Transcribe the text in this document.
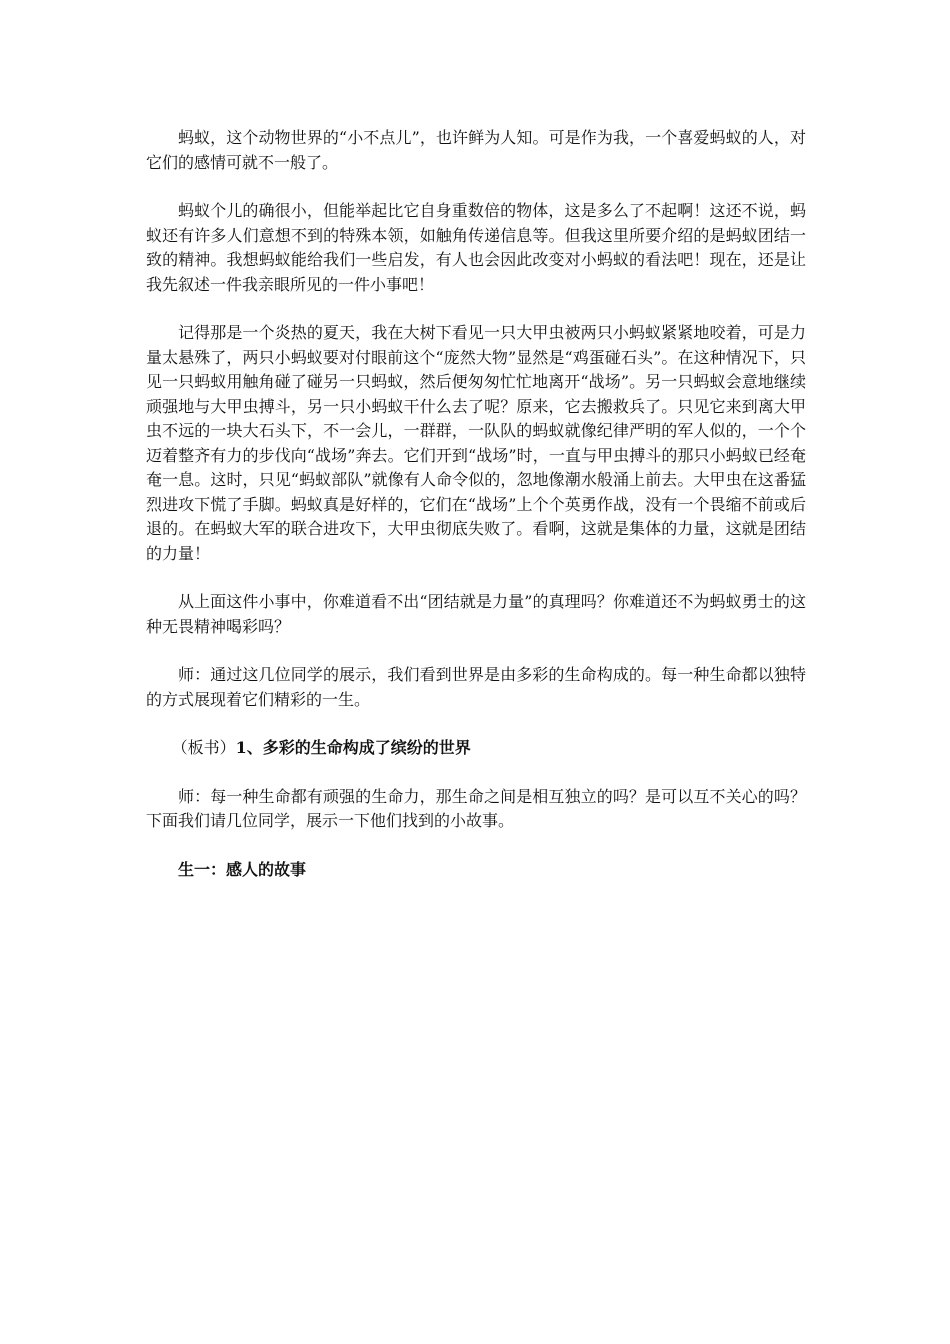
蚂蚁，这个动物世界的“小不点儿”，也许鲜为人知。可是作为我，一个喜爱蚂蚁的人，对它们的感情可就不一般了。

蚂蚁个儿的确很小，但能举起比它自身重数倍的物体，这是多么了不起啊！这还不说，蚂蚁还有许多人们意想不到的特殊本领，如触角传递信息等。但我这里所要介绍的是蚂蚁团结一致的精神。我想蚂蚁能给我们一些启发，有人也会因此改变对小蚂蚁的看法吧！现在，还是让我先叙述一件我亲眼所见的一件小事吧！

记得那是一个炎热的夏天，我在大树下看见一只大甲虫被两只小蚂蚁紧紧地咬着，可是力量太悬殊了，两只小蚂蚁要对付眼前这个“庞然大物”显然是“鸡蛋碰石头”。在这种情况下，只见一只蚂蚁用触角碰了碰另一只蚂蚁，然后便匆匆忙忙地离开“战场”。另一只蚂蚁会意地继续顽强地与大甲虫搏斗，另一只小蚂蚁干什么去了呢？原来，它去搬救兵了。只见它来到离大甲虫不远的一块大石头下，不一会儿，一群群，一队队的蚂蚁就像纪律严明的军人似的，一个个迈着整齐有力的步伐向“战场”奔去。它们开到“战场”时，一直与甲虫搏斗的那只小蚂蚁已经奄奄一息。这时，只见“蚂蚁部队”就像有人命令似的，忽地像潮水般涌上前去。大甲虫在这番猛烈进攻下慌了手脚。蚂蚁真是好样的，它们在“战场”上个个英勇作战，没有一个畏缩不前或后退的。在蚂蚁大军的联合进攻下，大甲虫彻底失败了。看啊，这就是集体的力量，这就是团结的力量！

从上面这件小事中，你难道看不出“团结就是力量”的真理吗？你难道还不为蚂蚁勇士的这种无畏精神喝彩吗？

师：通过这几位同学的展示，我们看到世界是由多彩的生命构成的。每一种生命都以独特的方式展现着它们精彩的一生。

（板书）1、多彩的生命构成了缤纷的世界

师：每一种生命都有顽强的生命力，那生命之间是相互独立的吗？是可以互不关心的吗？下面我们请几位同学，展示一下他们找到的小故事。

生一：感人的故事
